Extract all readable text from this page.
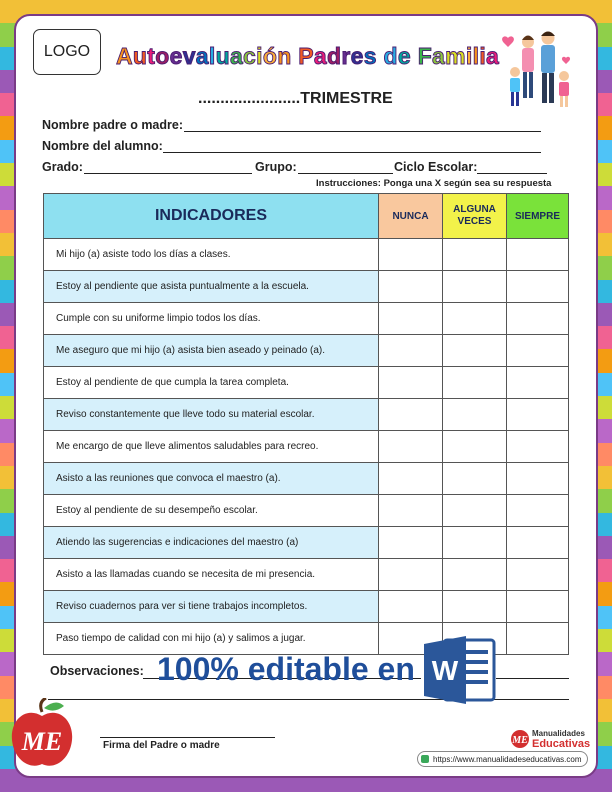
LOGO	Autoevaluación Padres de Familia
.......................TRIMESTRE
Nombre padre o madre:
Nombre del alumno:
Grado:	Grupo:	Ciclo Escolar:
Instrucciones: Ponga una X según sea su respuesta
INDICADORES	NUNCA	ALGUNA VECES	SIEMPRE
Mi hijo (a) asiste todo los días a clases.			
Estoy al pendiente que asista puntualmente a la escuela.			
Cumple con su uniforme limpio todos los días.			
Me aseguro que mi hijo (a) asista bien aseado y peinado (a).			
Estoy al pendiente de que cumpla la tarea completa.			
Reviso constantemente que lleve todo su material escolar.			
Me encargo de que lleve alimentos saludables para recreo.			
Asisto a las reuniones que convoca el maestro (a).			
Estoy al pendiente de su desempeño escolar.			
Atiendo las sugerencias e indicaciones del maestro (a)			
Asisto a las llamadas cuando se necesita de mi presencia.			
Reviso cuadernos para ver si tiene trabajos incompletos.			
Paso tiempo de calidad con mi hijo (a) y salimos a jugar.			
Observaciones: 100% editable en W
Firma del Padre o madre
ME	ME
Manualidades
Educativas
https://www.manualidadeseducativas.com
